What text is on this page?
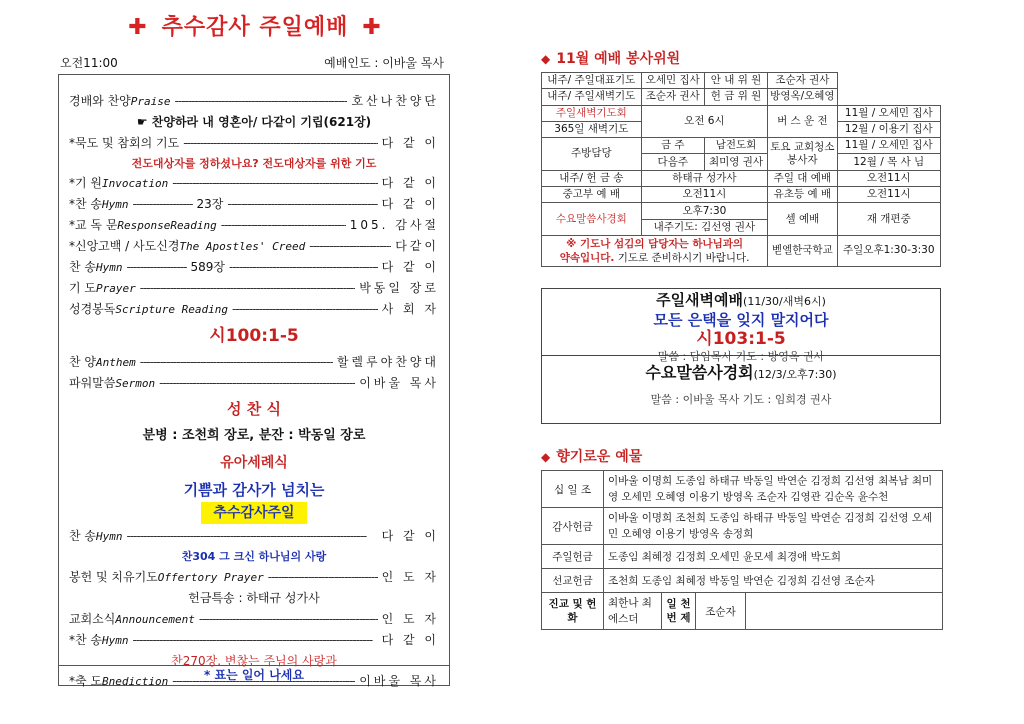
✚ 추수감사 주일예배 ✚
오전11:00	예배인도 : 이바울 목사
경배와 찬양 Praise -----	호산나찬양단
☛ 찬양하라 내 영혼아/ 다같이 기립(621장)
*묵도 및 참회의 기도 -----	다 같 이
전도대상자를 정하셨나요? 전도대상자를 위한 기도
*기 원 Invocation -----	다 같 이
*찬 송 Hymn -----	23장 -----	다 같 이
*교 독 문 ResponseReading -----	105. 감사절
*신앙고백 / 사도신경 The Apostles' Creed -----	다같이
찬 송 Hymn -----	589장 -----	다 같 이
기 도 Prayer -----	박동일 장로
성경봉독 Scripture Reading -----	사 회 자
시100:1-5
찬 양 Anthem -----	할렐루야찬양대
파워말씀 Sermon -----	이바울 목사
성 찬 식
분병 : 조천희 장로, 분잔 : 박동일 장로
유아세례식
기쁨과 감사가 넘치는
추수감사주일
찬 송 Hymn -----	다 같 이
찬304 그 크신 하나님의 사랑
봉헌 및 치유기도 Offertory Prayer -----	인 도 자
헌금특송 : 하태규 성가사
교회소식 Announcement -----	인 도 자
*찬 송 Hymn -----	다 같 이
찬270장. 변찮는 주님의 사랑과
*축 도 Bnediction -----	이바울 목사
* 표는 일어 나세요
◆ 11월 예배 봉사위원
내주/ 주일대표기도	오세민 집사	안 내 위 원	조순자 권사	
내주/ 주일새벽기도	조순자 권사	헌 금 위 원	방영옥/오혜영	
주일새벽기도회	오전 6시		버 스 운 전	11월 / 오세민 집사
365일 새벽기도				12월 / 이용기 집사
주방담당	금 주	남전도회	토요 교회청소 봉사자	11월 / 오세민 집사
	다음주	최미영 권사		12월 / 목 사 님
내주/ 헌 금 송	하태규 성가사		주일 대 예배	오전11시
중고부 예 배	오전11시		유초등 예 배	오전11시
수요말씀사경회	오후7:30		셀 예배	재 개편중
	내주기도: 김선영 권사			

※ 기도나 섬김의 담당자는 하나님과의
약속입니다. 기도로 준비하시기 바랍니다.			벧엘한국학교	주일오후1:30-3:30
주일새벽예배(11/30/새벽6시)
모든 은택을 잊지 말지어다
시103:1-5
말씀 : 담임목사 기도 : 방영옥 권사
수요말씀사경회(12/3/오후7:30)
말씀 : 이바울 목사 기도 : 임희경 권사
◆ 향기로운 예물
십 일 조	이바울 이명희 도종임 하태규 박동일 박연순 김정희 김선영 최복남 최미영 오세민 오혜영 이용기 방영옥 조순자 김영관 김순옥 윤수천			
감사헌금	이바울 이명희 조천희 도종임 하태규 박동일 박연순 김정희 김선영 오세민 오혜영 이용기 방영옥 송정희			
주일헌금	도종임 최혜정 김정희 오세민 윤모세 최경애 박도희			
선교헌금	조천희 도종임 최혜정 박동일 박연순 김정희 김선영 조순자			
진교 및 헌 화	최한나 최에스더	일 천 번 제	조순자	
